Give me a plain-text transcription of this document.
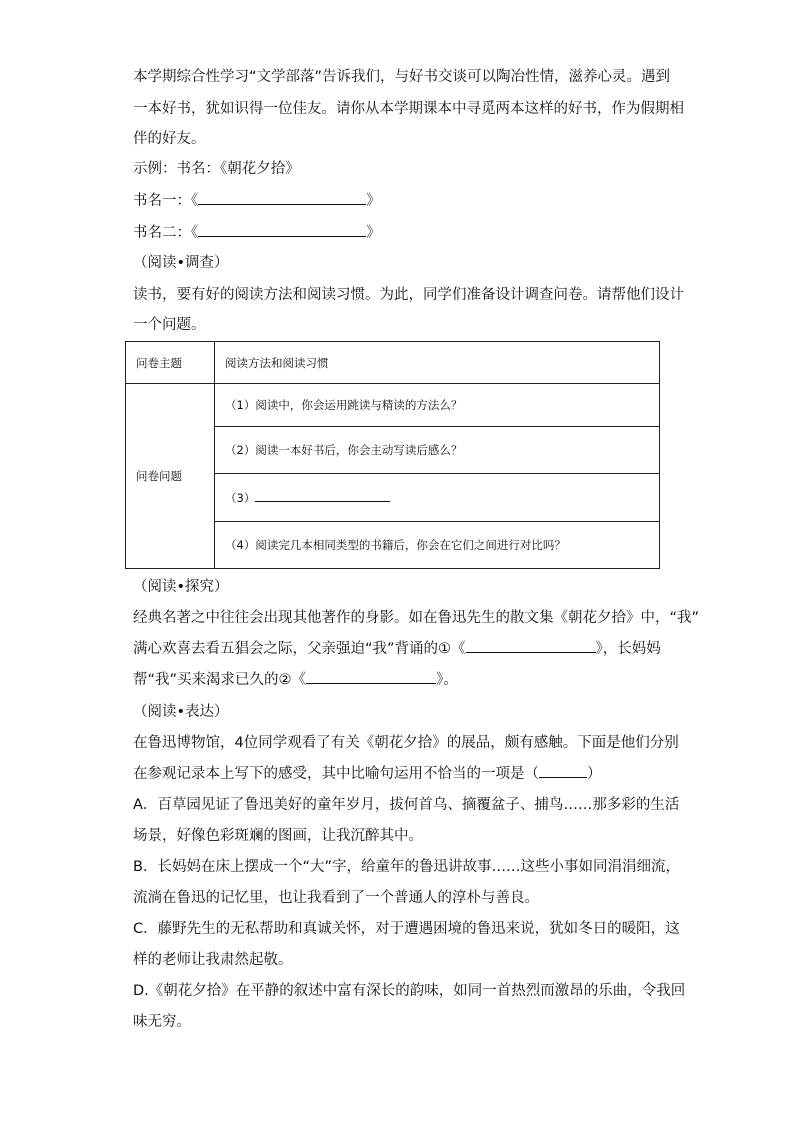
本学期综合性学习“文学部落”告诉我们，与好书交谈可以陶冶性情，滋养心灵。遇到
一本好书，犹如识得一位佳友。请你从本学期课本中寻觅两本这样的好书，作为假期相
伴的好友。
示例：书名：《朝花夕拾》
书名一：《	》
书名二：《	》
（阅读•调查）
读书，要有好的阅读方法和阅读习惯。为此，同学们准备设计调查问卷。请帮他们设计
一个问题。
问卷主题	阅读方法和阅读习惯
问卷问题	（1）阅读中，你会运用跳读与精读的方法么？
	（2）阅读一本好书后，你会主动写读后感么？
	（3）
	（4）阅读完几本相同类型的书籍后，你会在它们之间进行对比吗？
（阅读•探究）
经典名著之中往往会出现其他著作的身影。如在鲁迅先生的散文集《朝花夕拾》中，“我”
满心欢喜去看五猖会之际，父亲强迫“我”背诵的①《	》，长妈妈
帮“我”买来渴求已久的②《	》。
（阅读•表达）
在鲁迅博物馆，4位同学观看了有关《朝花夕拾》的展品，颇有感触。下面是他们分别
在参观记录本上写下的感受，其中比喻句运用不恰当的一项是（	）
A．百草园见证了鲁迅美好的童年岁月，拔何首乌、摘覆盆子、捕鸟……那多彩的生活
场景，好像色彩斑斓的图画，让我沉醉其中。
B．长妈妈在床上摆成一个“大”字，给童年的鲁迅讲故事……这些小事如同涓涓细流，
流淌在鲁迅的记忆里，也让我看到了一个普通人的淳朴与善良。
C．藤野先生的无私帮助和真诚关怀，对于遭遇困境的鲁迅来说，犹如冬日的暖阳，这
样的老师让我肃然起敬。
D.《朝花夕拾》在平静的叙述中富有深长的韵味，如同一首热烈而激昂的乐曲，令我回
味无穷。
